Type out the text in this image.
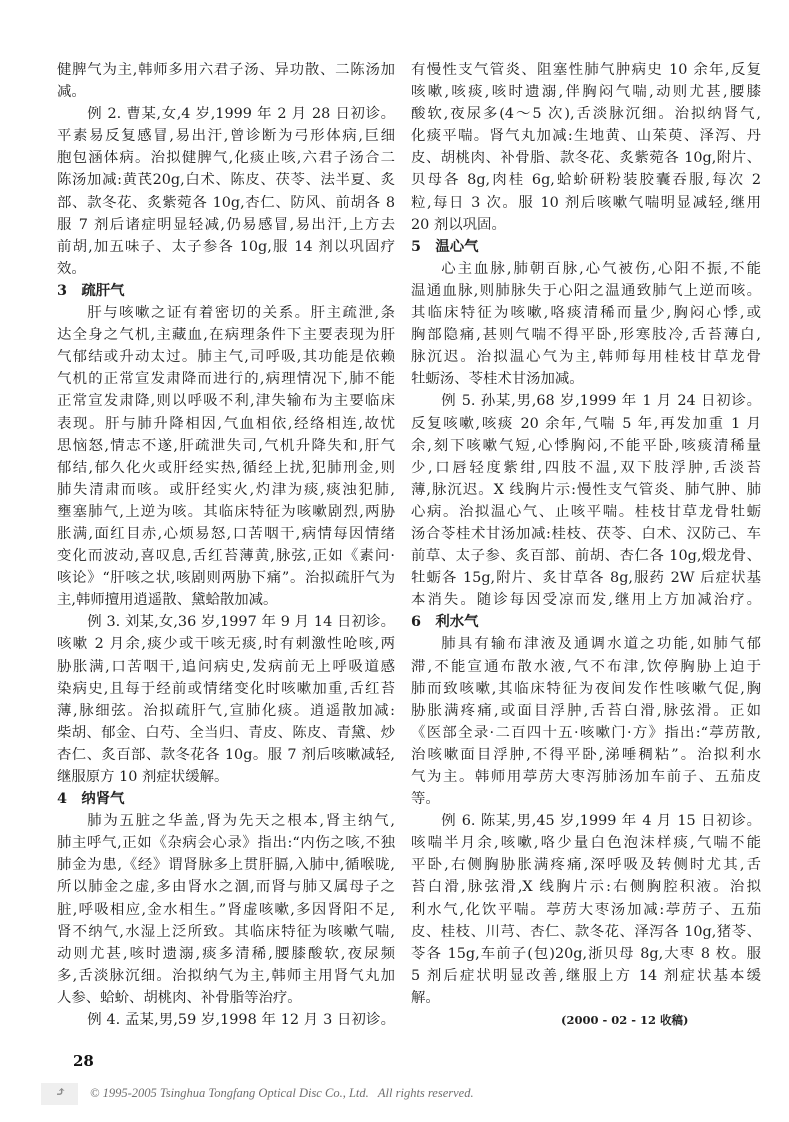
健脾气为主,韩师多用六君子汤、异功散、二陈汤加
减。
例 2. 曹某,女,4 岁,1999 年 2 月 28 日初诊。
平素易反复感冒,易出汗,曾诊断为弓形体病,巨细
胞包涵体病。治拟健脾气,化痰止咳,六君子汤合二
陈汤加减:黄芪20g,白术、陈皮、茯苓、法半夏、炙
部、款冬花、炙紫菀各 10g,杏仁、防风、前胡各 8
服 7 剂后诸症明显轻减,仍易感冒,易出汗,上方去
前胡,加五味子、太子参各 10g,服 14 剂以巩固疗
效。
3　疏肝气
肝与咳嗽之证有着密切的关系。肝主疏泄,条
达全身之气机,主藏血,在病理条件下主要表现为肝
气郁结或升动太过。肺主气,司呼吸,其功能是依赖
气机的正常宣发肃降而进行的,病理情况下,肺不能
正常宣发肃降,则以呼吸不利,津失输布为主要临床
表现。肝与肺升降相因,气血相依,经络相连,故忧
思恼怒,情志不遂,肝疏泄失司,气机升降失和,肝气
郁结,郁久化火或肝经实热,循经上扰,犯肺刑金,则
肺失清肃而咳。或肝经实火,灼津为痰,痰浊犯肺,
壅塞肺气,上逆为咳。其临床特征为咳嗽剧烈,两胁
胀满,面红目赤,心烦易怒,口苦咽干,病情每因情绪
变化而波动,喜叹息,舌红苔薄黄,脉弦,正如《素问·
咳论》“肝咳之状,咳剧则两胁下痛”。治拟疏肝气为
主,韩师擅用逍遥散、黛蛤散加减。
例 3. 刘某,女,36 岁,1997 年 9 月 14 日初诊。
咳嗽 2 月余,痰少或干咳无痰,时有刺激性呛咳,两
胁胀满,口苦咽干,追问病史,发病前无上呼吸道感
染病史,且每于经前或情绪变化时咳嗽加重,舌红苔
薄,脉细弦。治拟疏肝气,宣肺化痰。逍遥散加减:
柴胡、郁金、白芍、全当归、青皮、陈皮、青黛、炒
杏仁、炙百部、款冬花各 10g。服 7 剂后咳嗽减轻,
继服原方 10 剂症状缓解。
4　纳肾气
肺为五脏之华盖,肾为先天之根本,肾主纳气,
肺主呼气,正如《杂病会心录》指出:“内伤之咳,不独
肺金为患,《经》谓肾脉多上贯肝膈,入肺中,循喉咙,
所以肺金之虚,多由肾水之涸,而肾与肺又属母子之
脏,呼吸相应,金水相生。”肾虚咳嗽,多因肾阳不足,
肾不纳气,水湿上泛所致。其临床特征为咳嗽气喘,
动则尤甚,咳时遗溺,痰多清稀,腰膝酸软,夜尿频
多,舌淡脉沉细。治拟纳气为主,韩师主用肾气丸加
人参、蛤蚧、胡桃肉、补骨脂等治疗。
例 4. 孟某,男,59 岁,1998 年 12 月 3 日初诊。
有慢性支气管炎、阻塞性肺气肿病史 10 余年,反复
咳嗽,咳痰,咳时遗溺,伴胸闷气喘,动则尤甚,腰膝
酸软,夜尿多(4～5 次),舌淡脉沉细。治拟纳肾气,
化痰平喘。肾气丸加减:生地黄、山茱萸、泽泻、丹
皮、胡桃肉、补骨脂、款冬花、炙紫菀各 10g,附片、
贝母各 8g,肉桂 6g,蛤蚧研粉装胶囊吞服,每次 2
粒,每日 3 次。服 10 剂后咳嗽气喘明显减轻,继用
20 剂以巩固。
5　温心气
心主血脉,肺朝百脉,心气被伤,心阳不振,不能
温通血脉,则肺脉失于心阳之温通致肺气上逆而咳。
其临床特征为咳嗽,咯痰清稀而量少,胸闷心悸,或
胸部隐痛,甚则气喘不得平卧,形寒肢冷,舌苔薄白,
脉沉迟。治拟温心气为主,韩师每用桂枝甘草龙骨
牡蛎汤、苓桂术甘汤加减。
例 5. 孙某,男,68 岁,1999 年 1 月 24 日初诊。
反复咳嗽,咳痰 20 余年,气喘 5 年,再发加重 1 月
余,刻下咳嗽气短,心悸胸闷,不能平卧,咳痰清稀量
少,口唇轻度紫绀,四肢不温,双下肢浮肿,舌淡苔
薄,脉沉迟。X 线胸片示:慢性支气管炎、肺气肿、肺
心病。治拟温心气、止咳平喘。桂枝甘草龙骨牡蛎
汤合苓桂术甘汤加减:桂枝、茯苓、白术、汉防己、车
前草、太子参、炙百部、前胡、杏仁各 10g,煅龙骨、
牡蛎各 15g,附片、炙甘草各 8g,服药 2W 后症状基
本消失。随诊每因受凉而发,继用上方加减治疗。
6　利水气
肺具有输布津液及通调水道之功能,如肺气郁
滞,不能宣通布散水液,气不布津,饮停胸胁上迫于
肺而致咳嗽,其临床特征为夜间发作性咳嗽气促,胸
胁胀满疼痛,或面目浮肿,舌苔白滑,脉弦滑。正如
《医部全录·二百四十五·咳嗽门·方》指出:“葶苈散,
治咳嗽面目浮肿,不得平卧,涕唾稠粘”。治拟利水
气为主。韩师用葶苈大枣泻肺汤加车前子、五茄皮
等。
例 6. 陈某,男,45 岁,1999 年 4 月 15 日初诊。
咳喘半月余,咳嗽,咯少量白色泡沫样痰,气喘不能
平卧,右侧胸胁胀满疼痛,深呼吸及转侧时尤其,舌
苔白滑,脉弦滑,X 线胸片示:右侧胸腔积液。治拟
利水气,化饮平喘。葶苈大枣汤加减:葶苈子、五茄
皮、桂枝、川芎、杏仁、款冬花、泽泻各 10g,猪苓、
苓各 15g,车前子(包)20g,浙贝母 8g,大枣 8 枚。服
5 剂后症状明显改善,继服上方 14 剂症状基本缓
解。
(2000 - 02 - 12 收稿)
28
⤴ © 1995-2005 Tsinghua Tongfang Optical Disc Co., Ltd.   All rights reserved.
